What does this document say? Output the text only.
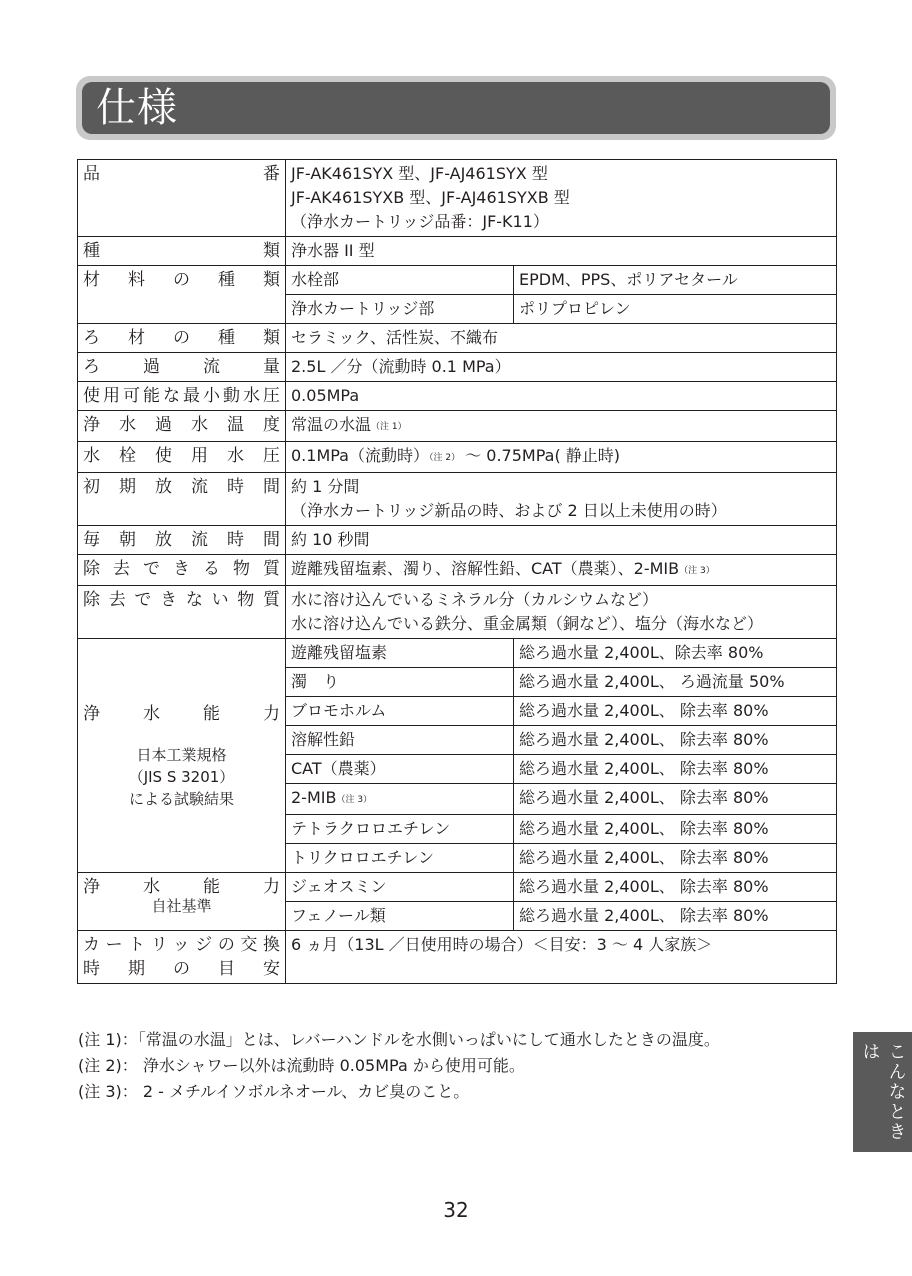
仕様
品番	JF-AK461SYX 型、JF-AJ461SYX 型
JF-AK461SYXB 型、JF-AJ461SYXB 型
（浄水カートリッジ品番：JF-K11）	

種類	浄水器 II 型	

材料の種類	水栓部	EPDM、PPS、ポリアセタール
	浄水カートリッジ部	ポリプロピレン

ろ材の種類	セラミック、活性炭、不織布	

ろ過流量	2.5L ／分（流動時 0.1 MPa）	

使用可能な最小動水圧	0.05MPa	

浄水過水温度	常温の水温（注 1）	

水栓使用水圧	0.1MPa（流動時）（注 2） ～ 0.75MPa( 静止時)	

初期放流時間	約 1 分間
（浄水カートリッジ新品の時、および 2 日以上未使用の時）	

毎朝放流時間	約 10 秒間	

除去できる物質	遊離残留塩素、濁り、溶解性鉛、CAT（農薬）、2-MIB（注 3）	

除去できない物質	水に溶け込んでいるミネラル分（カルシウムなど）
水に溶け込んでいる鉄分、重金属類（銅など）、塩分（海水など）	

浄水能力
日本工業規格
（JIS S 3201）
による試験結果	遊離残留塩素	総ろ過水量 2,400L、除去率 80%
	濁　り	総ろ過水量 2,400L、 ろ過流量 50%
	ブロモホルム	総ろ過水量 2,400L、 除去率 80%
	溶解性鉛	総ろ過水量 2,400L、 除去率 80%
	CAT（農薬）	総ろ過水量 2,400L、 除去率 80%
	2-MIB（注 3）	総ろ過水量 2,400L、 除去率 80%
	テトラクロロエチレン	総ろ過水量 2,400L、 除去率 80%
	トリクロロエチレン	総ろ過水量 2,400L、 除去率 80%

浄水能力
自社基準	ジェオスミン	総ろ過水量 2,400L、 除去率 80%
	フェノール類	総ろ過水量 2,400L、 除去率 80%

カートリッジの交換
時期の目安	6 ヵ月（13L ／日使用時の場合）＜目安：3 ～ 4 人家族＞	
(注 1)：「常温の水温」とは、レバーハンドルを水側いっぱいにして通水したときの温度。
(注 2)： 浄水シャワー以外は流動時 0.05MPa から使用可能。
(注 3)： 2 - メチルイソボルネオール、カビ臭のこと。	こんなときは
32
